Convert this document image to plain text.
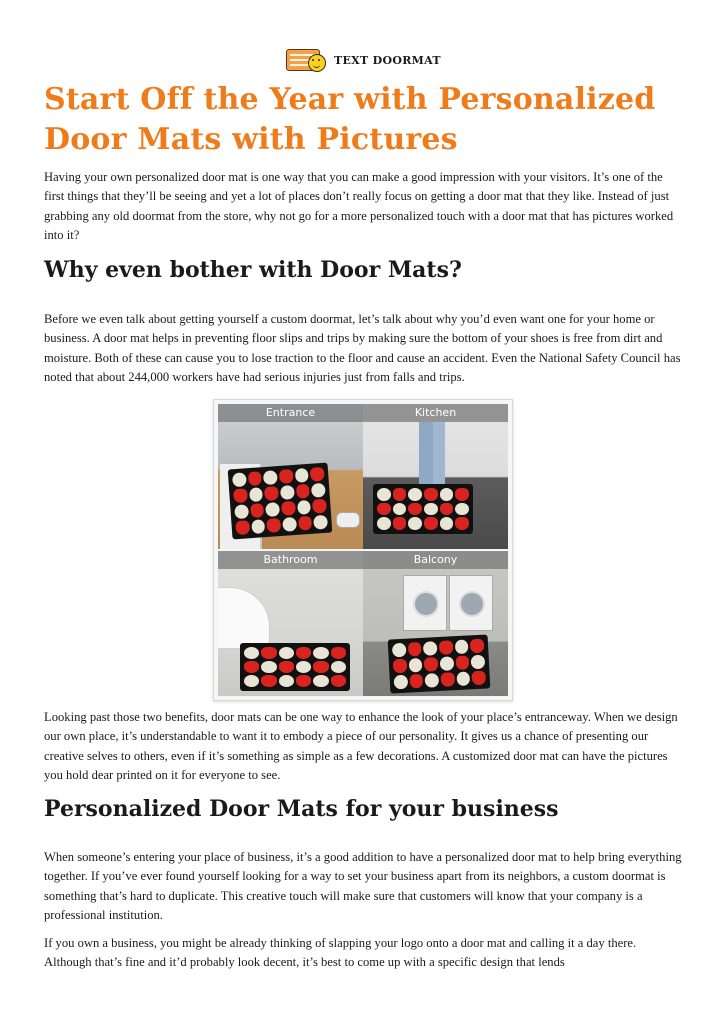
TEXT DOORMAT
Start Off the Year with Personalized Door Mats with Pictures

Having your own personalized door mat is one way that you can make a good impression with your visitors. It’s one of the first things that they’ll be seeing and yet a lot of places don’t really focus on getting a door mat that they like. Instead of just grabbing any old doormat from the store, why not go for a more personalized touch with a door mat that has pictures worked into it?

Why even bother with Door Mats?

Before we even talk about getting yourself a custom doormat, let’s talk about why you’d even want one for your home or business. A door mat helps in preventing floor slips and trips by making sure the bottom of your shoes is free from dirt and moisture. Both of these can cause you to lose traction to the floor and cause an accident. Even the National Safety Council has noted that about 244,000 workers have had serious injuries just from falls and trips.

Entrance	Kitchen
Bathroom	Balcony

Looking past those two benefits, door mats can be one way to enhance the look of your place’s entranceway. When we design our own place, it’s understandable to want it to embody a piece of our personality. It gives us a chance of presenting our creative selves to others, even if it’s something as simple as a few decorations. A customized door mat can have the pictures you hold dear printed on it for everyone to see.

Personalized Door Mats for your business

When someone’s entering your place of business, it’s a good addition to have a personalized door mat to help bring everything together. If you’ve ever found yourself looking for a way to set your business apart from its neighbors, a custom doormat is something that’s hard to duplicate. This creative touch will make sure that customers will know that your company is a professional institution.

If you own a business, you might be already thinking of slapping your logo onto a door mat and calling it a day there. Although that’s fine and it’d probably look decent, it’s best to come up with a specific design that lends
